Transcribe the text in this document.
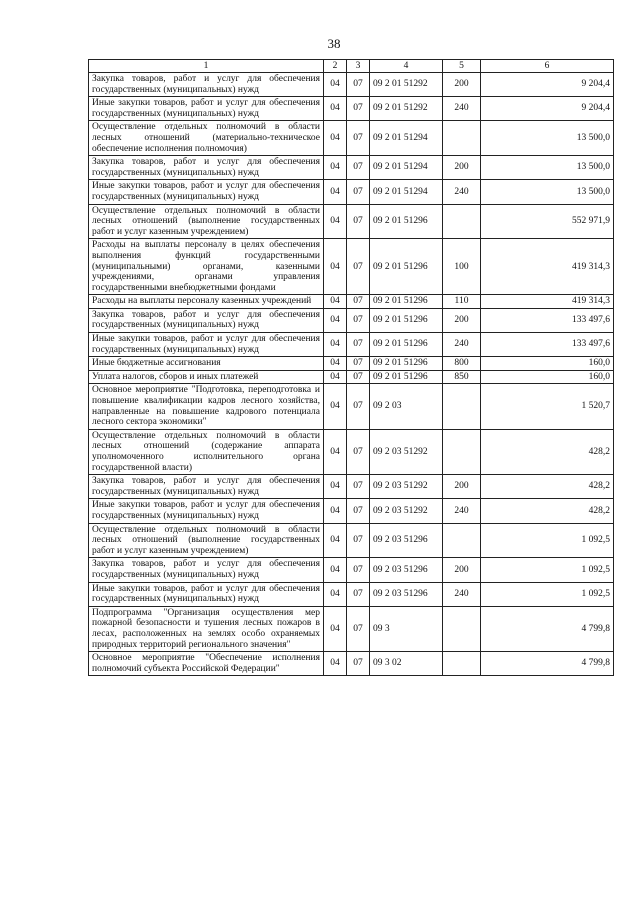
38
1	2	3	4	5	6
Закупка товаров, работ и услуг для обеспечения государственных (муниципальных) нужд	04	07	09 2 01 51292	200	9 204,4
Иные закупки товаров, работ и услуг для обеспечения государственных (муниципальных) нужд	04	07	09 2 01 51292	240	9 204,4
Осуществление отдельных полномочий в области лесных отношений (материально-техническое обеспечение исполнения полномочия)	04	07	09 2 01 51294		13 500,0
Закупка товаров, работ и услуг для обеспечения государственных (муниципальных) нужд	04	07	09 2 01 51294	200	13 500,0
Иные закупки товаров, работ и услуг для обеспечения государственных (муниципальных) нужд	04	07	09 2 01 51294	240	13 500,0
Осуществление отдельных полномочий в области лесных отношений (выполнение государственных работ и услуг казенным учреждением)	04	07	09 2 01 51296		552 971,9
Расходы на выплаты персоналу в целях обеспечения выполнения функций государственными (муниципальными) органами, казенными учреждениями, органами управления государственными внебюджетными фондами	04	07	09 2 01 51296	100	419 314,3
Расходы на выплаты персоналу казенных учреждений	04	07	09 2 01 51296	110	419 314,3
Закупка товаров, работ и услуг для обеспечения государственных (муниципальных) нужд	04	07	09 2 01 51296	200	133 497,6
Иные закупки товаров, работ и услуг для обеспечения государственных (муниципальных) нужд	04	07	09 2 01 51296	240	133 497,6
Иные бюджетные ассигнования	04	07	09 2 01 51296	800	160,0
Уплата налогов, сборов и иных платежей	04	07	09 2 01 51296	850	160,0
Основное мероприятие "Подготовка, переподготовка и повышение квалификации кадров лесного хозяйства, направленные на повышение кадрового потенциала лесного сектора экономики"	04	07	09 2 03		1 520,7
Осуществление отдельных полномочий в области лесных отношений (содержание аппарата уполномоченного исполнительного органа государственной власти)	04	07	09 2 03 51292		428,2
Закупка товаров, работ и услуг для обеспечения государственных (муниципальных) нужд	04	07	09 2 03 51292	200	428,2
Иные закупки товаров, работ и услуг для обеспечения государственных (муниципальных) нужд	04	07	09 2 03 51292	240	428,2
Осуществление отдельных полномочий в области лесных отношений (выполнение государственных работ и услуг казенным учреждением)	04	07	09 2 03 51296		1 092,5
Закупка товаров, работ и услуг для обеспечения государственных (муниципальных) нужд	04	07	09 2 03 51296	200	1 092,5
Иные закупки товаров, работ и услуг для обеспечения государственных (муниципальных) нужд	04	07	09 2 03 51296	240	1 092,5
Подпрограмма "Организация осуществления мер пожарной безопасности и тушения лесных пожаров в лесах, расположенных на землях особо охраняемых природных территорий регионального значения"	04	07	09 3		4 799,8
Основное мероприятие "Обеспечение исполнения полномочий субъекта Российской Федерации"	04	07	09 3 02		4 799,8
